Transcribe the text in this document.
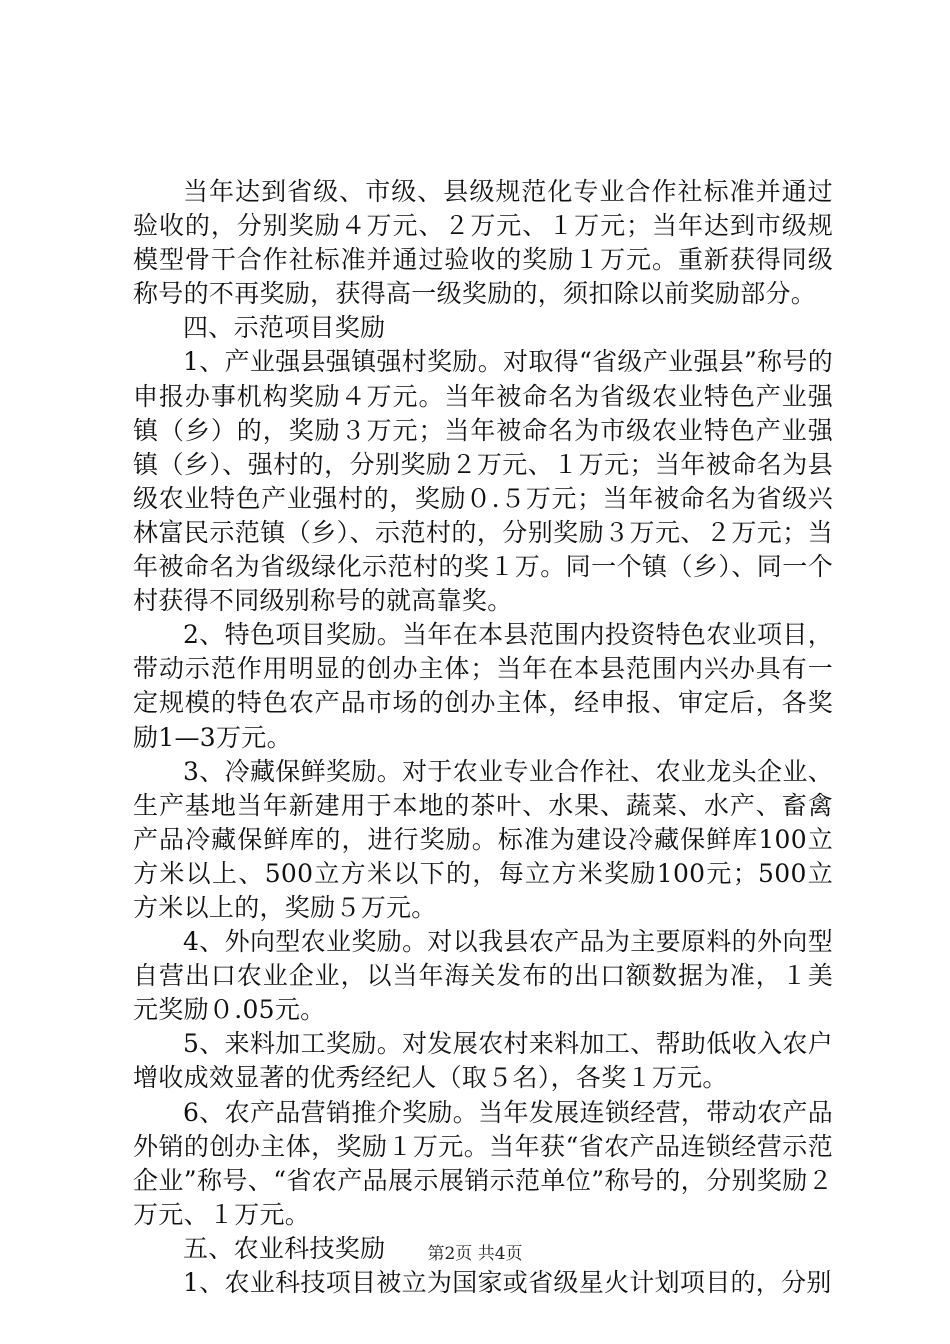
当年达到省级、市级、县级规范化专业合作社标准并通过验收的，分别奖励４万元、２万元、１万元；当年达到市级规模型骨干合作社标准并通过验收的奖励１万元。重新获得同级称号的不再奖励，获得高一级奖励的，须扣除以前奖励部分。

四、示范项目奖励

1、产业强县强镇强村奖励。对取得“省级产业强县”称号的申报办事机构奖励４万元。当年被命名为省级农业特色产业强镇（乡）的，奖励３万元；当年被命名为市级农业特色产业强镇（乡）、强村的，分别奖励２万元、１万元；当年被命名为县级农业特色产业强村的，奖励０.５万元；当年被命名为省级兴林富民示范镇（乡）、示范村的，分别奖励３万元、２万元；当年被命名为省级绿化示范村的奖１万。同一个镇（乡）、同一个村获得不同级别称号的就高靠奖。

2、特色项目奖励。当年在本县范围内投资特色农业项目，带动示范作用明显的创办主体；当年在本县范围内兴办具有一定规模的特色农产品市场的创办主体，经申报、审定后，各奖励1—3万元。

3、冷藏保鲜奖励。对于农业专业合作社、农业龙头企业、生产基地当年新建用于本地的茶叶、水果、蔬菜、水产、畜禽产品冷藏保鲜库的，进行奖励。标准为建设冷藏保鲜库100立方米以上、500立方米以下的，每立方米奖励100元；500立方米以上的，奖励５万元。

4、外向型农业奖励。对以我县农产品为主要原料的外向型自营出口农业企业，以当年海关发布的出口额数据为准，１美元奖励０.05元。

5、来料加工奖励。对发展农村来料加工、帮助低收入农户增收成效显著的优秀经纪人（取５名），各奖１万元。

6、农产品营销推介奖励。当年发展连锁经营，带动农产品外销的创办主体，奖励１万元。当年获“省农产品连锁经营示范企业”称号、“省农产品展示展销示范单位”称号的，分别奖励２万元、１万元。

五、农业科技奖励

1、农业科技项目被立为国家或省级星火计划项目的，分别

第2页 共4页
